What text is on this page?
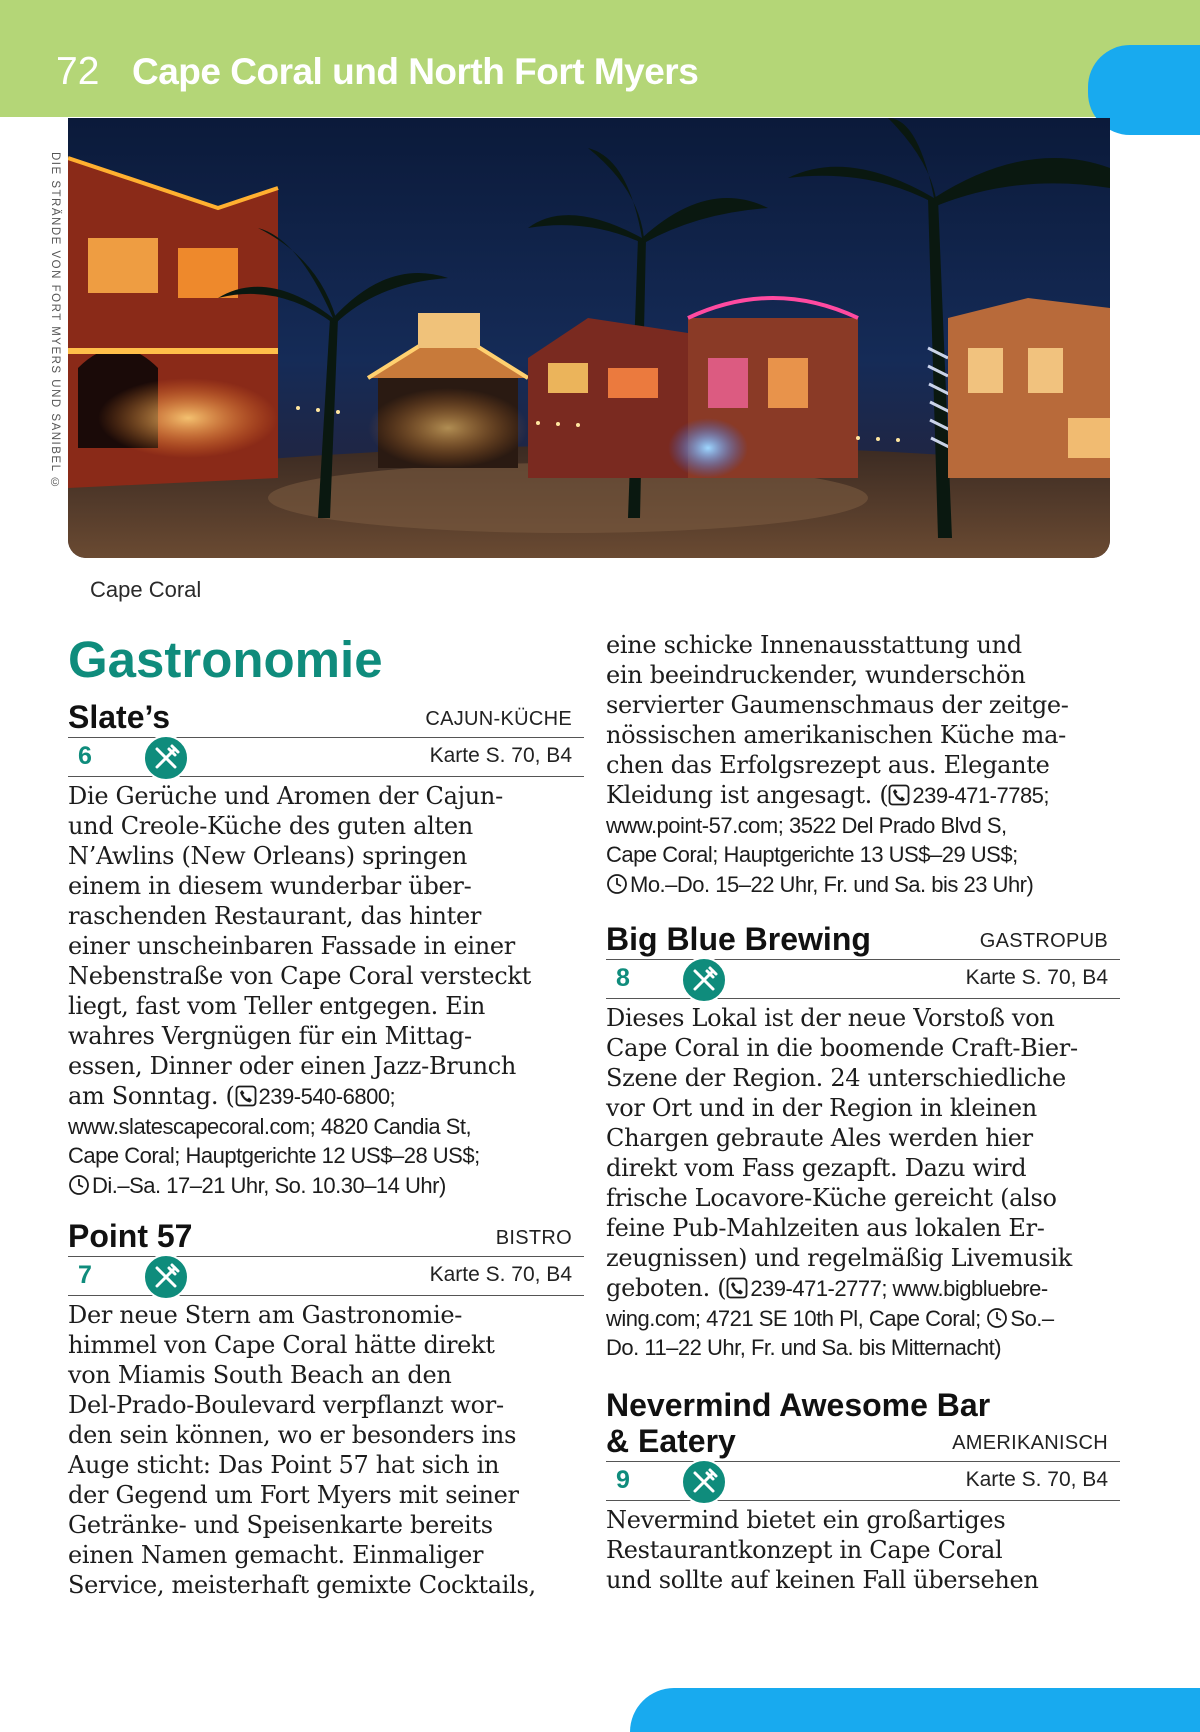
72 Cape Coral und North Fort Myers
DIE STRÄNDE VON FORT MYERS UND SANIBEL ©
Cape Coral
Gastronomie
Slate’s	CAJUN-KÜCHE
6	Karte S. 70, B4
Die Gerüche und Aromen der Cajun-
und Creole-Küche des guten alten
N’Awlins (New Orleans) springen
einem in diesem wunderbar über-
raschenden Restaurant, das hinter
einer unscheinbaren Fassade in einer
Nebenstraße von Cape Coral versteckt
liegt, fast vom Teller entgegen. Ein
wahres Vergnügen für ein Mittag-
essen, Dinner oder einen Jazz-Brunch
am Sonntag. ( 239-540-6800;
www.slatescapecoral.com; 4820 Candia St,
Cape Coral; Hauptgerichte 12 US$–28 US$;
Di.–Sa. 17–21 Uhr, So. 10.30–14 Uhr)
Point 57	BISTRO
7	Karte S. 70, B4
Der neue Stern am Gastronomie-
himmel von Cape Coral hätte direkt
von Miamis South Beach an den
Del-Prado-Boulevard verpflanzt wor-
den sein können, wo er besonders ins
Auge sticht: Das Point 57 hat sich in
der Gegend um Fort Myers mit seiner
Getränke- und Speisenkarte bereits
einen Namen gemacht. Einmaliger
Service, meisterhaft gemixte Cocktails,
eine schicke Innenausstattung und
ein beeindruckender, wunderschön
servierter Gaumenschmaus der zeitge-
nössischen amerikanischen Küche ma-
chen das Erfolgsrezept aus. Elegante
Kleidung ist angesagt. ( 239-471-7785;
www.point-57.com; 3522 Del Prado Blvd S,
Cape Coral; Hauptgerichte 13 US$–29 US$;
Mo.–Do. 15–22 Uhr, Fr. und Sa. bis 23 Uhr)
Big Blue Brewing	GASTROPUB
8	Karte S. 70, B4
Dieses Lokal ist der neue Vorstoß von
Cape Coral in die boomende Craft-Bier-
Szene der Region. 24 unterschiedliche
vor Ort und in der Region in kleinen
Chargen gebraute Ales werden hier
direkt vom Fass gezapft. Dazu wird
frische Locavore-Küche gereicht (also
feine Pub-Mahlzeiten aus lokalen Er-
zeugnissen) und regelmäßig Livemusik
geboten. ( 239-471-2777; www.bigbluebre-
wing.com; 4721 SE 10th Pl, Cape Coral; So.–
Do. 11–22 Uhr, Fr. und Sa. bis Mitternacht)
Nevermind Awesome Bar
& Eatery	AMERIKANISCH
9	Karte S. 70, B4
Nevermind bietet ein großartiges
Restaurantkonzept in Cape Coral
und sollte auf keinen Fall übersehen
